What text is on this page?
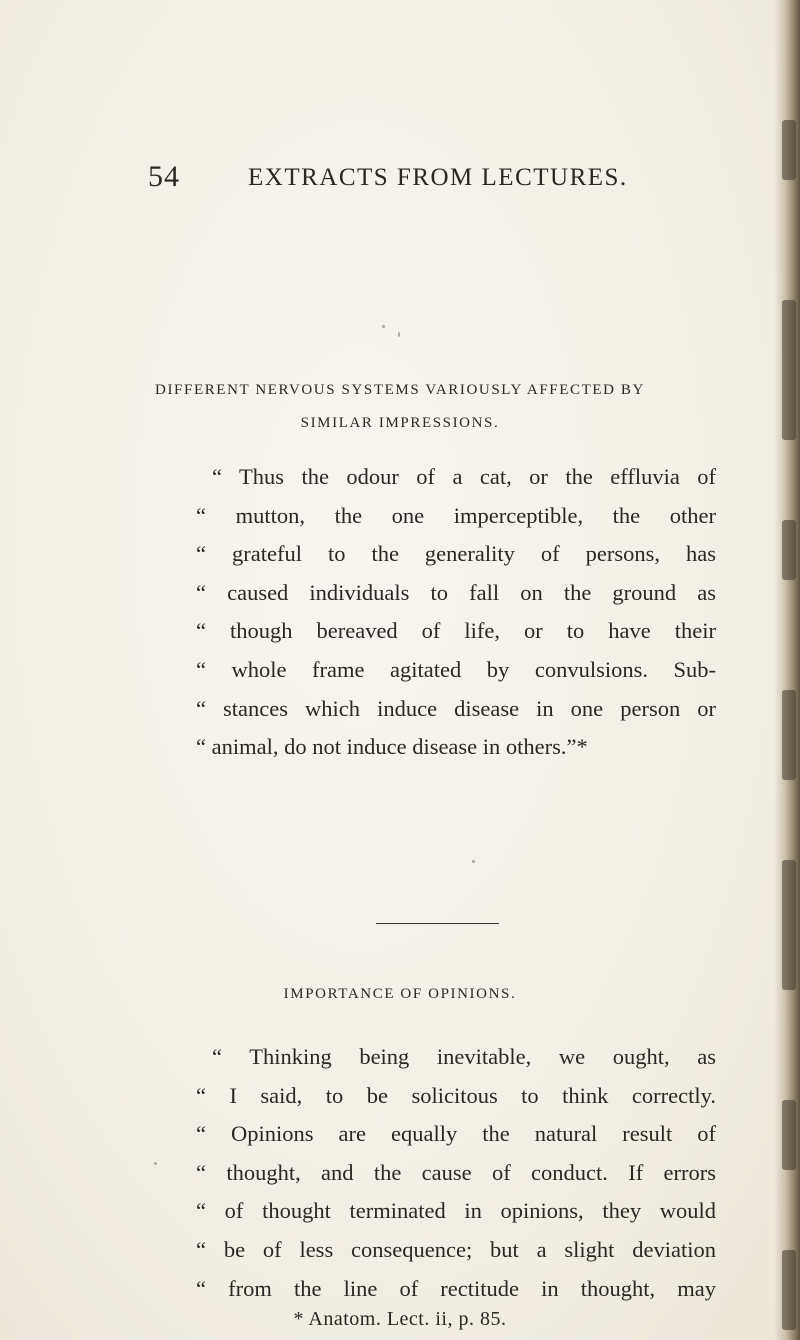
54	EXTRACTS FROM LECTURES.
DIFFERENT NERVOUS SYSTEMS VARIOUSLY AFFECTED BY
SIMILAR IMPRESSIONS.
“ Thus the odour of a cat, or the effluvia of
“ mutton, the one imperceptible, the other
“ grateful to the generality of persons, has
“ caused individuals to fall on the ground as
“ though bereaved of life, or to have their
“ whole frame agitated by convulsions. Sub-
“ stances which induce disease in one person or
“ animal, do not induce disease in others.”*
IMPORTANCE OF OPINIONS.
“ Thinking being inevitable, we ought, as
“ I said, to be solicitous to think correctly.
“ Opinions are equally the natural result of
“ thought, and the cause of conduct. If errors
“ of thought terminated in opinions, they would
“ be of less consequence; but a slight deviation
“ from the line of rectitude in thought, may
* Anatom. Lect. ii, p. 85.
